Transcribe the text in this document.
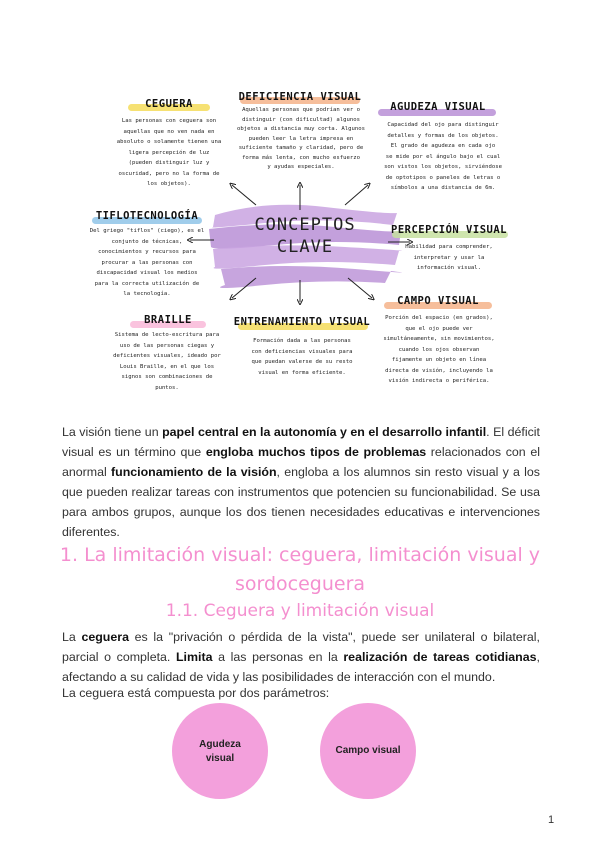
CONCEPTOS
CLAVE
CEGUERA
Las personas con ceguera son
aquellas que no ven nada en
absoluto o solamente tienen una
ligera percepción de luz
(pueden distinguir luz y
oscuridad, pero no la forma de
los objetos).
DEFICIENCIA VISUAL
Aquellas personas que podrían ver o
distinguir (con dificultad) algunos
objetos a distancia muy corta. Algunos
pueden leer la letra impresa en
suficiente tamaño y claridad, pero de
forma más lenta, con mucho esfuerzo
y ayudas especiales.
AGUDEZA VISUAL
Capacidad del ojo para distinguir
detalles y formas de los objetos.
El grado de agudeza en cada ojo
se mide por el ángulo bajo el cual
son vistos los objetos, sirviéndose
de optotipos o paneles de letras o
símbolos a una distancia de 6m.
TIFLOTECNOLOGÍA
Del griego "tiflos" (ciego), es el
conjunto de técnicas,
conocimientos y recursos para
procurar a las personas con
discapacidad visual los medios
para la correcta utilización de
la tecnología.
PERCEPCIÓN VISUAL
Habilidad para comprender,
interpretar y usar la
información visual.
BRAILLE
Sistema de lecto-escritura para
uso de las personas ciegas y
deficientes visuales, ideado por
Louis Braille, en el que los
signos son combinaciones de
puntos.
ENTRENAMIENTO VISUAL
Formación dada a las personas
con deficiencias visuales para
que puedan valerse de su resto
visual en forma eficiente.
CAMPO VISUAL
Porción del espacio (en grados),
que el ojo puede ver
simultáneamente, sin movimientos,
cuando los ojos observan
fijamente un objeto en línea
directa de visión, incluyendo la
visión indirecta o periférica.
La visión tiene un papel central en la autonomía y en el desarrollo infantil. El déficit visual es un término que engloba muchos tipos de problemas relacionados con el anormal funcionamiento de la visión, engloba a los alumnos sin resto visual y a los que pueden realizar tareas con instrumentos que potencien su funcionabilidad. Se usa para ambos grupos, aunque los dos tienen necesidades educativas e intervenciones diferentes.
1. La limitación visual: ceguera, limitación visual y
sordoceguera
1.1. Ceguera y limitación visual
La ceguera es la "privación o pérdida de la vista", puede ser unilateral o bilateral, parcial o completa. Limita a las personas en la realización de tareas cotidianas, afectando a su calidad de vida y las posibilidades de interacción con el mundo.
La ceguera está compuesta por dos parámetros:
Agudeza
visual
Campo visual
1
